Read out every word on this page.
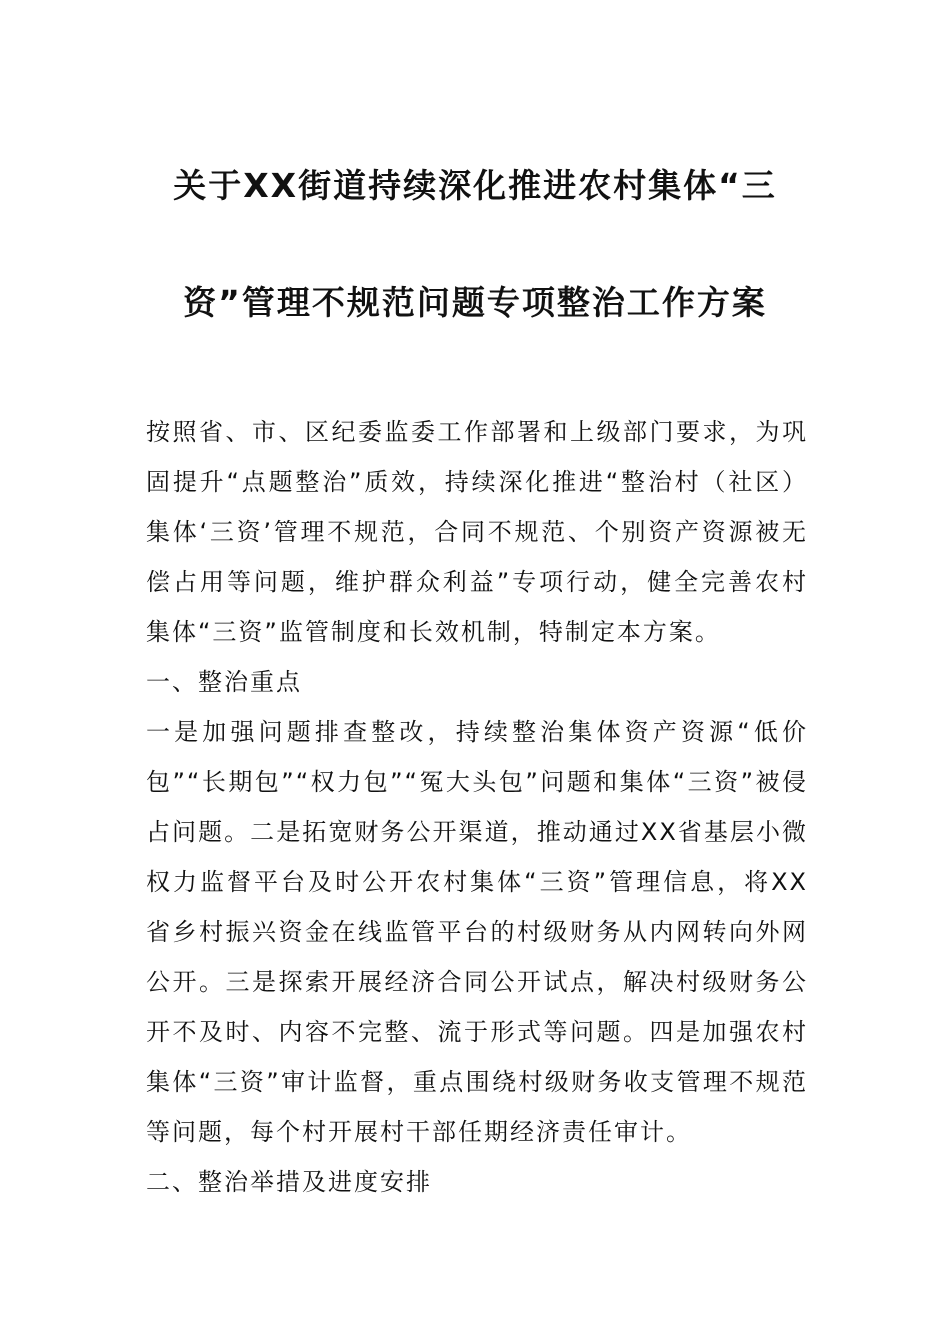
关于XX街道持续深化推进农村集体“三
资”管理不规范问题专项整治工作方案

按照省、市、区纪委监委工作部署和上级部门要求，为巩固提升“点题整治”质效，持续深化推进“整治村（社区）集体‘三资’管理不规范，合同不规范、个别资产资源被无偿占用等问题，维护群众利益”专项行动，健全完善农村集体“三资”监管制度和长效机制，特制定本方案。

一、整治重点

一是加强问题排查整改，持续整治集体资产资源“低价包”“长期包”“权力包”“冤大头包”问题和集体“三资”被侵占问题。二是拓宽财务公开渠道，推动通过XX省基层小微权力监督平台及时公开农村集体“三资”管理信息，将XX省乡村振兴资金在线监管平台的村级财务从内网转向外网公开。三是探索开展经济合同公开试点，解决村级财务公开不及时、内容不完整、流于形式等问题。四是加强农村集体“三资”审计监督，重点围绕村级财务收支管理不规范等问题，每个村开展村干部任期经济责任审计。

二、整治举措及进度安排
